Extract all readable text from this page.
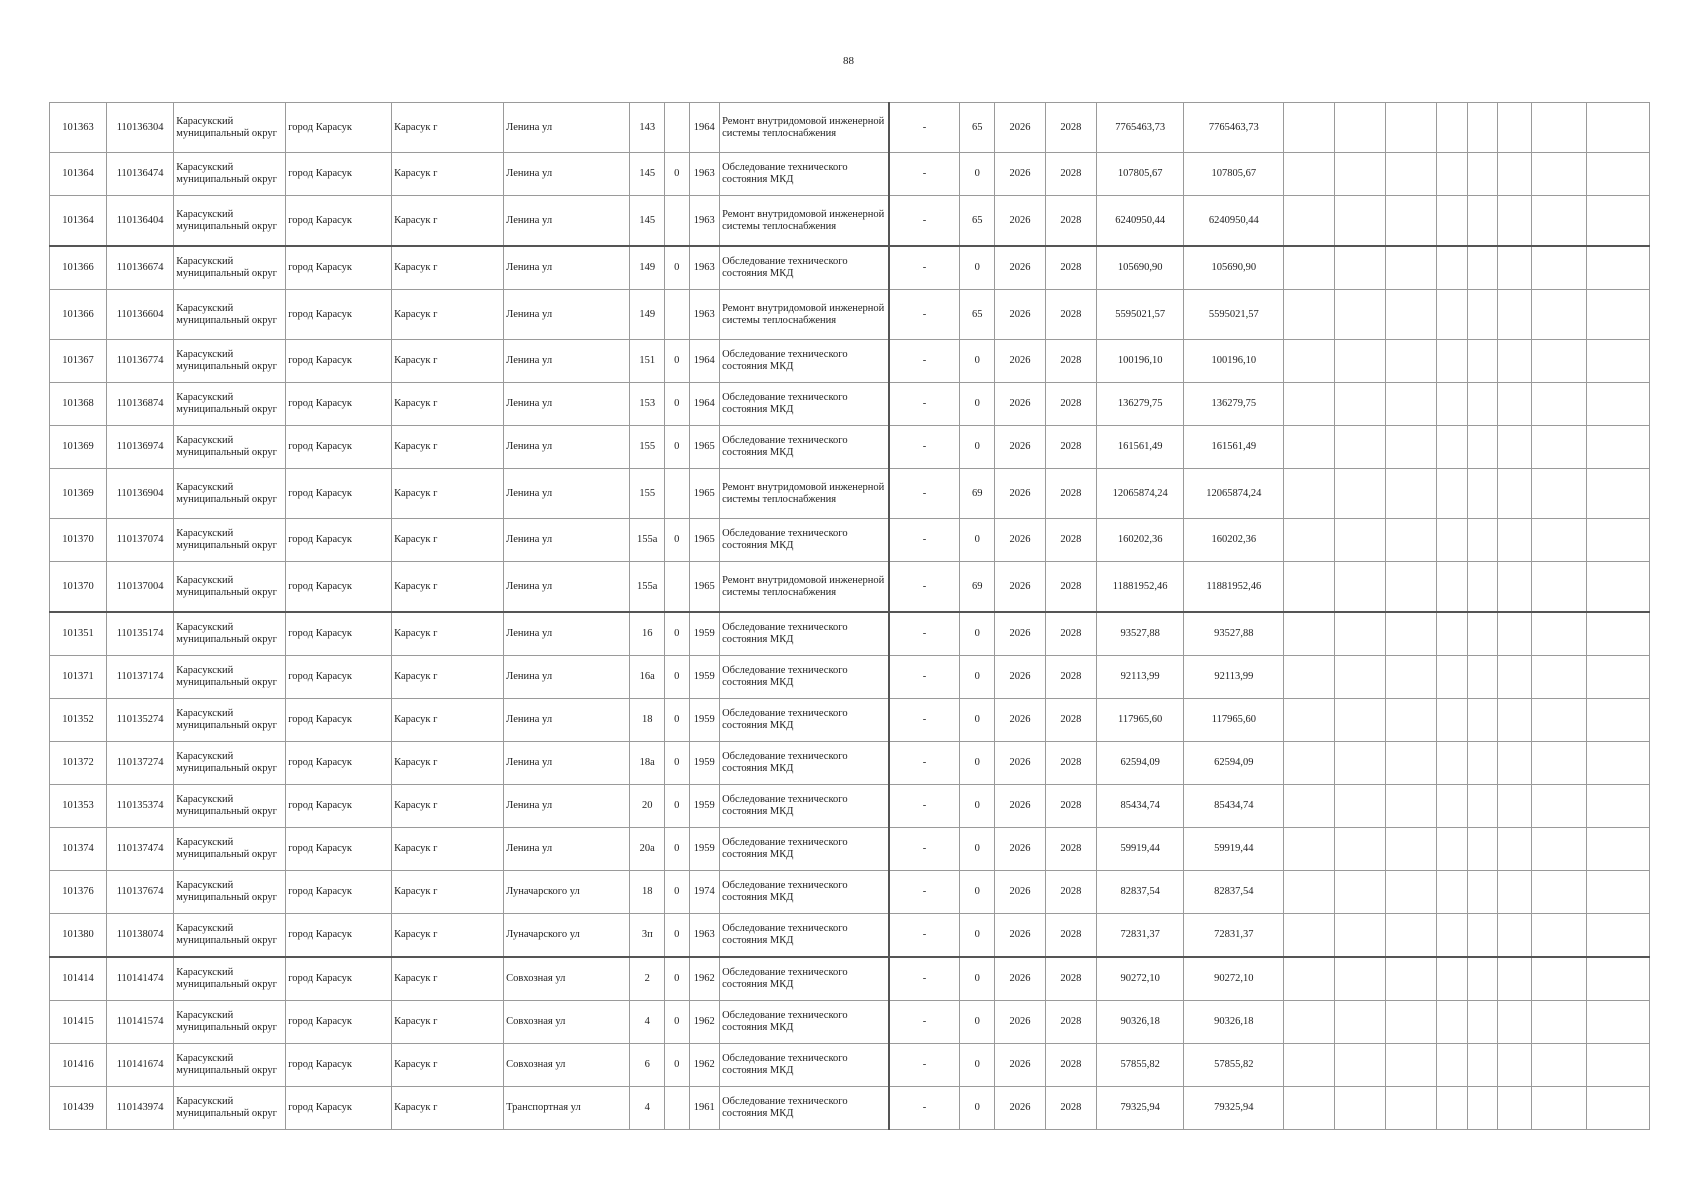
88
101363	110136304	Карасукский муниципальный округ	город Карасук	Карасук г	Ленина ул	143		1964	Ремонт внутридомовой инженерной системы теплоснабжения	-	65	2026	2028	7765463,73	7765463,73								
101364	110136474	Карасукский муниципальный округ	город Карасук	Карасук г	Ленина ул	145	0	1963	Обследование технического состояния МКД	-	0	2026	2028	107805,67	107805,67								
101364	110136404	Карасукский муниципальный округ	город Карасук	Карасук г	Ленина ул	145		1963	Ремонт внутридомовой инженерной системы теплоснабжения	-	65	2026	2028	6240950,44	6240950,44								
101366	110136674	Карасукский муниципальный округ	город Карасук	Карасук г	Ленина ул	149	0	1963	Обследование технического состояния МКД	-	0	2026	2028	105690,90	105690,90								
101366	110136604	Карасукский муниципальный округ	город Карасук	Карасук г	Ленина ул	149		1963	Ремонт внутридомовой инженерной системы теплоснабжения	-	65	2026	2028	5595021,57	5595021,57								
101367	110136774	Карасукский муниципальный округ	город Карасук	Карасук г	Ленина ул	151	0	1964	Обследование технического состояния МКД	-	0	2026	2028	100196,10	100196,10								
101368	110136874	Карасукский муниципальный округ	город Карасук	Карасук г	Ленина ул	153	0	1964	Обследование технического состояния МКД	-	0	2026	2028	136279,75	136279,75								
101369	110136974	Карасукский муниципальный округ	город Карасук	Карасук г	Ленина ул	155	0	1965	Обследование технического состояния МКД	-	0	2026	2028	161561,49	161561,49								
101369	110136904	Карасукский муниципальный округ	город Карасук	Карасук г	Ленина ул	155		1965	Ремонт внутридомовой инженерной системы теплоснабжения	-	69	2026	2028	12065874,24	12065874,24								
101370	110137074	Карасукский муниципальный округ	город Карасук	Карасук г	Ленина ул	155а	0	1965	Обследование технического состояния МКД	-	0	2026	2028	160202,36	160202,36								
101370	110137004	Карасукский муниципальный округ	город Карасук	Карасук г	Ленина ул	155а		1965	Ремонт внутридомовой инженерной системы теплоснабжения	-	69	2026	2028	11881952,46	11881952,46								
101351	110135174	Карасукский муниципальный округ	город Карасук	Карасук г	Ленина ул	16	0	1959	Обследование технического состояния МКД	-	0	2026	2028	93527,88	93527,88								
101371	110137174	Карасукский муниципальный округ	город Карасук	Карасук г	Ленина ул	16а	0	1959	Обследование технического состояния МКД	-	0	2026	2028	92113,99	92113,99								
101352	110135274	Карасукский муниципальный округ	город Карасук	Карасук г	Ленина ул	18	0	1959	Обследование технического состояния МКД	-	0	2026	2028	117965,60	117965,60								
101372	110137274	Карасукский муниципальный округ	город Карасук	Карасук г	Ленина ул	18а	0	1959	Обследование технического состояния МКД	-	0	2026	2028	62594,09	62594,09								
101353	110135374	Карасукский муниципальный округ	город Карасук	Карасук г	Ленина ул	20	0	1959	Обследование технического состояния МКД	-	0	2026	2028	85434,74	85434,74								
101374	110137474	Карасукский муниципальный округ	город Карасук	Карасук г	Ленина ул	20а	0	1959	Обследование технического состояния МКД	-	0	2026	2028	59919,44	59919,44								
101376	110137674	Карасукский муниципальный округ	город Карасук	Карасук г	Луначарского ул	18	0	1974	Обследование технического состояния МКД	-	0	2026	2028	82837,54	82837,54								
101380	110138074	Карасукский муниципальный округ	город Карасук	Карасук г	Луначарского ул	3п	0	1963	Обследование технического состояния МКД	-	0	2026	2028	72831,37	72831,37								
101414	110141474	Карасукский муниципальный округ	город Карасук	Карасук г	Совхозная ул	2	0	1962	Обследование технического состояния МКД	-	0	2026	2028	90272,10	90272,10								
101415	110141574	Карасукский муниципальный округ	город Карасук	Карасук г	Совхозная ул	4	0	1962	Обследование технического состояния МКД	-	0	2026	2028	90326,18	90326,18								
101416	110141674	Карасукский муниципальный округ	город Карасук	Карасук г	Совхозная ул	6	0	1962	Обследование технического состояния МКД	-	0	2026	2028	57855,82	57855,82								
101439	110143974	Карасукский муниципальный округ	город Карасук	Карасук г	Транспортная ул	4		1961	Обследование технического состояния МКД	-	0	2026	2028	79325,94	79325,94								
